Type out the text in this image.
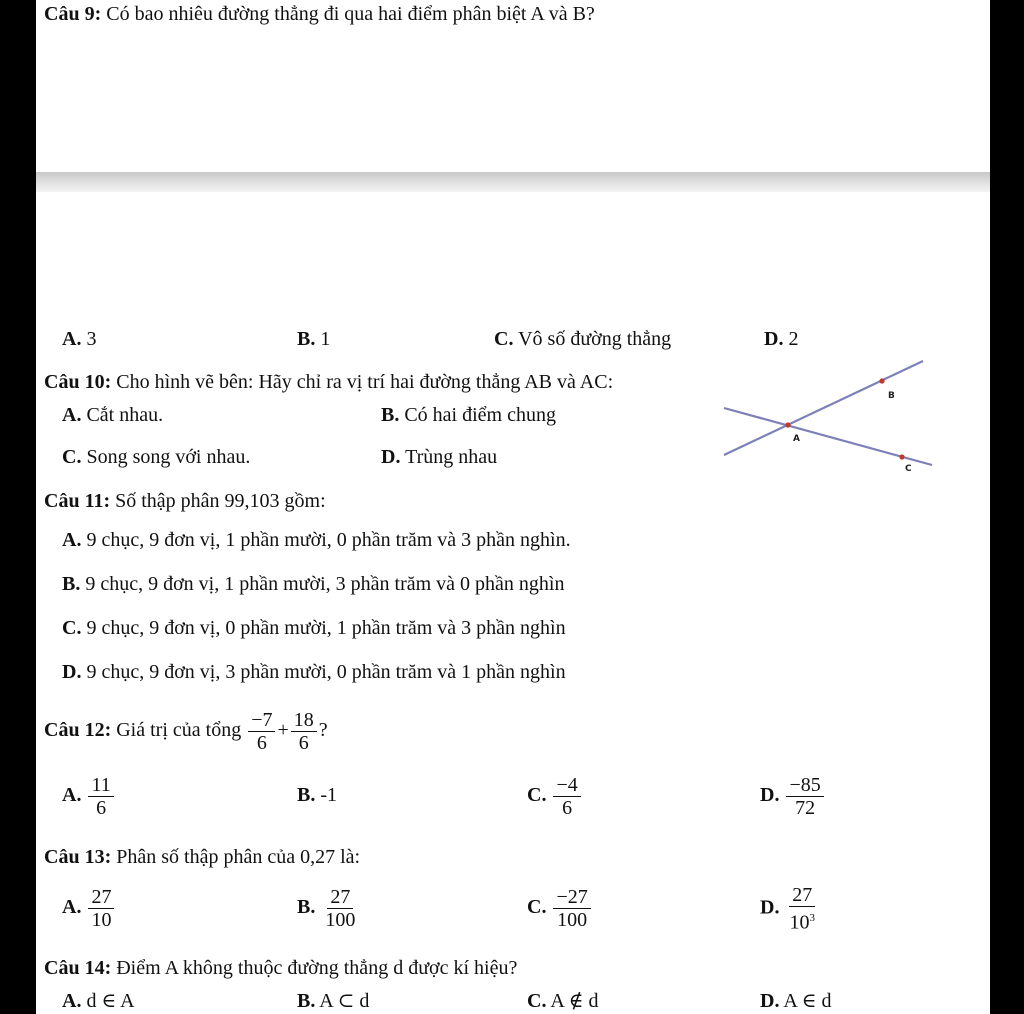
Câu 9: Có bao nhiêu đường thẳng đi qua hai điểm phân biệt A và B?
A. 3	B. 1	C. Vô số đường thẳng	D. 2
Câu 10: Cho hình vẽ bên: Hãy chỉ ra vị trí hai đường thẳng AB và AC:
A. Cắt nhau.	B. Có hai điểm chung
C. Song song với nhau.	D. Trùng nhau
A
B
C
Câu 11: Số thập phân 99,103 gồm:
A. 9 chục, 9 đơn vị, 1 phần mười, 0 phần trăm và 3 phần nghìn.
B. 9 chục, 9 đơn vị, 1 phần mười, 3 phần trăm và 0 phần nghìn
C. 9 chục, 9 đơn vị, 0 phần mười, 1 phần trăm và 3 phần nghìn
D. 9 chục, 9 đơn vị, 3 phần mười, 0 phần trăm và 1 phần nghìn
Câu 12: Giá trị của tổng $\frac{-7}{6} + \frac{18}{6}$ ?
A. $\frac{11}{6}$	B. -1	C. $\frac{-4}{6}$	D. $\frac{-85}{72}$
Câu 13: Phân số thập phân của 0,27 là:
A. $\frac{27}{10}$	B. $\frac{27}{100}$	C. $\frac{-27}{100}$	D. $\frac{27}{10^3}$
Câu 14: Điểm A không thuộc đường thẳng d được kí hiệu?
A. d ∈ A	B. A ⊂ d	C. A ∉ d	D. A ∈ d
